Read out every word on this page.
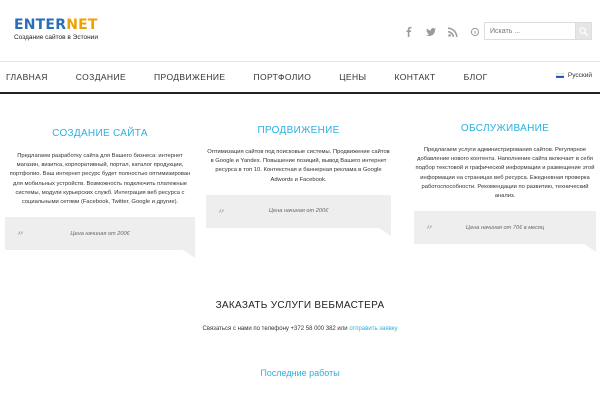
ENTERNET
Создание сайтов в Эстонии
s
Искать ...
ГЛАВНАЯ	СОЗДАНИЕ	ПРОДВИЖЕНИЕ	ПОРТФОЛИО	ЦЕНЫ	КОНТАКТ	БЛОГ	Русский
СОЗДАНИЕ САЙТА

Предлагаем разработку сайта для Вашего бизнеса: интернет магазин, визитка, корпоративный, портал, каталог продукции, портфолио. Ваш интернет ресурс будет полностью оптимизирован для мобильных устройств. Возможность подключить платежные системы, модули курьерских служб. Интеграция веб ресурса с социальными сетями (Facebook, Twitter, Google и другие).

”	Цена начиная от 200€
ПРОДВИЖЕНИЕ

Оптимизация сайтов под поисковые системы. Продвижение сайтов в Google и Yandex. Повышение позиций, вывод Вашего интернет ресурса в топ 10. Контекстная и баннерная реклама в Google Adwords и Facebook.

”	Цена начиная от 200€
ОБСЛУЖИВАНИЕ

Предлагаем услуги администрирования сайтов. Регулярное добавление нового контента. Наполнение сайта включает в себя подбор текстовой и графической информации и размещение этой информации на страницах веб ресурса. Ежедневная проверка работоспособности. Рекомендации по развитию, технический анализ.

”	Цена начиная от 70€ в месяц
ЗАКАЗАТЬ УСЛУГИ ВЕБМАСТЕРА
Связаться с нами по телефону +372 58 000 382 или отправить заявку
Последние работы
